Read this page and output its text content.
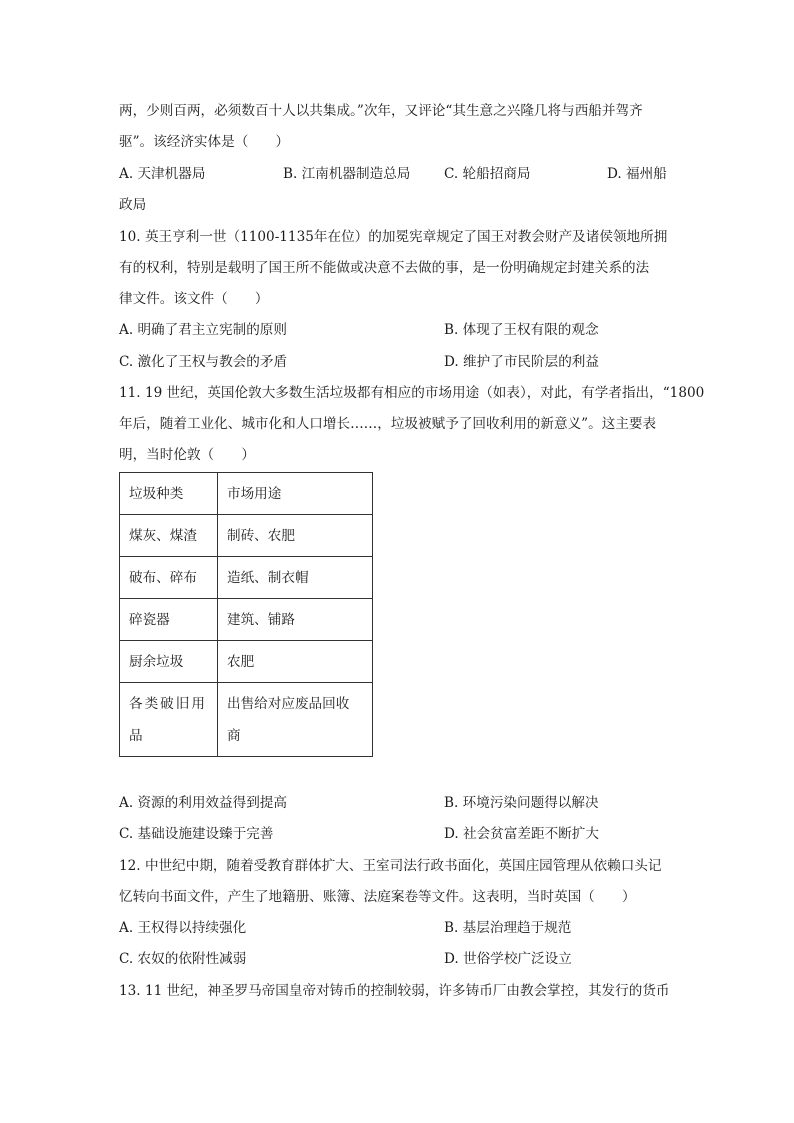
两，少则百两，必须数百十人以共集成。”次年，又评论“其生意之兴隆几将与西船并驾齐
驱”。该经济实体是（　　）
A. 天津机器局	B. 江南机器制造总局 C. 轮船招商局	D. 福州船
政局
10. 英王亨利一世（1100-1135年在位）的加冕宪章规定了国王对教会财产及诸侯领地所拥
有的权利，特别是载明了国王所不能做或决意不去做的事，是一份明确规定封建关系的法
律文件。该文件（　　）
A. 明确了君主立宪制的原则	B. 体现了王权有限的观念
C. 激化了王权与教会的矛盾	D. 维护了市民阶层的利益
11. 19 世纪，英国伦敦大多数生活垃圾都有相应的市场用途（如表），对此，有学者指出，“1800
年后，随着工业化、城市化和人口增长……，垃圾被赋予了回收利用的新意义”。这主要表
明，当时伦敦（　　）
垃圾种类	市场用途
煤灰、煤渣	制砖、农肥
破布、碎布	造纸、制衣帽
碎瓷器	建筑、铺路
厨余垃圾	农肥
各类破旧用品	出售给对应废品回收商
A. 资源的利用效益得到提高	B. 环境污染问题得以解决
C. 基础设施建设臻于完善	D. 社会贫富差距不断扩大
12. 中世纪中期，随着受教育群体扩大、王室司法行政书面化，英国庄园管理从依赖口头记
忆转向书面文件，产生了地籍册、账簿、法庭案卷等文件。这表明，当时英国（　　）
A. 王权得以持续强化	B. 基层治理趋于规范
C. 农奴的依附性减弱	D. 世俗学校广泛设立
13. 11 世纪，神圣罗马帝国皇帝对铸币的控制较弱，许多铸币厂由教会掌控，其发行的货币
